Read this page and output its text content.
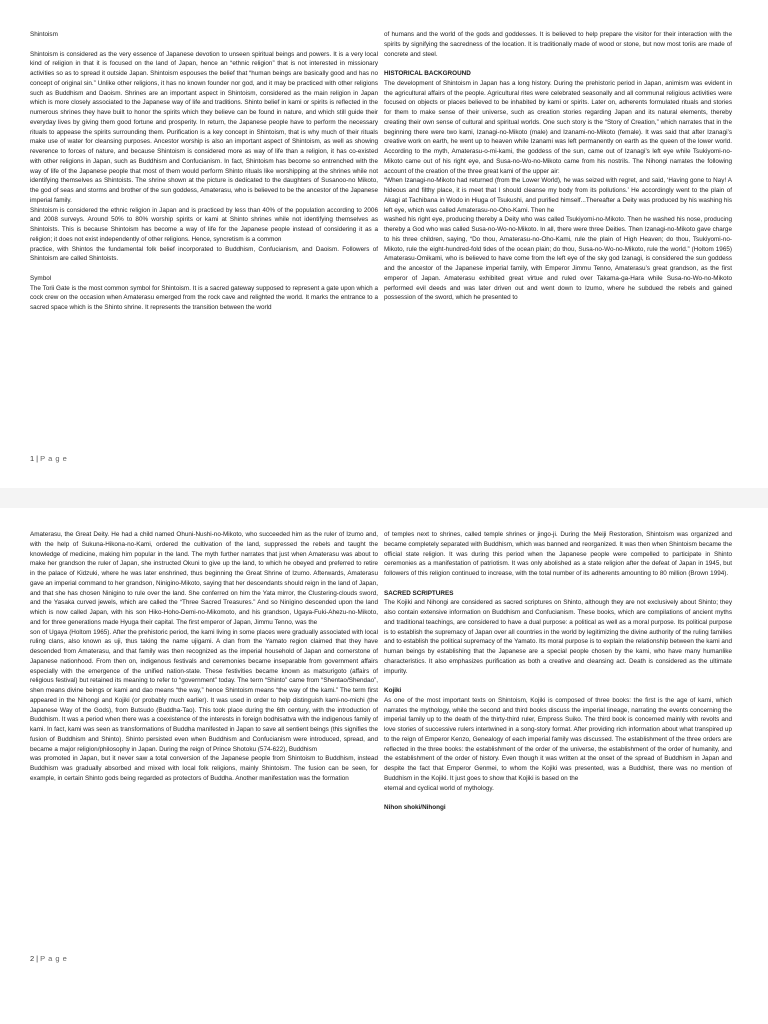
Shintoism

Shintoism is considered as the very essence of Japanese devotion to unseen spiritual beings and powers. It is a very local kind of religion in that it is focused on the land of Japan, hence an “ethnic religion” that is not interested in missionary activities so as to spread it outside Japan. Shintoism espouses the belief that “human beings are basically good and has no concept of original sin.” Unlike other religions, it has no known founder nor god, and it may be practiced with other religions such as Buddhism and Daoism. Shrines are an important aspect in Shintoism, considered as the main religion in Japan which is more closely associated to the Japanese way of life and traditions. Shinto belief in kami or spirits is reflected in the numerous shrines they have built to honor the spirits which they believe can be found in nature, and which still guide their everyday lives by giving them good fortune and prosperity. In return, the Japanese people have to perform the necessary rituals to appease the spirits surrounding them. Purification is a key concept in Shintoism, that is why much of their rituals make use of water for cleansing purposes. Ancestor worship is also an important aspect of Shintoism, as well as showing reverence to forces of nature, and because Shintoism is considered more as way of life than a religion, it has co-existed with other religions in Japan, such as Buddhism and Confucianism. In fact, Shintoism has become so entrenched with the way of life of the Japanese people that most of them would perform Shinto rituals like worshipping at the shrines while not identifying themselves as Shintoists. The shrine shown at the picture is dedicated to the daughters of Susanoo-no Mikoto, the god of seas and storms and brother of the sun goddess, Amaterasu, who is believed to be the ancestor of the Japanese imperial family.

Shintoism is considered the ethnic religion in Japan and is practiced by less than 40% of the population according to 2006 and 2008 surveys. Around 50% to 80% worship spirits or kami at Shinto shrines while not identifying themselves as Shintoists. This is because Shintoism has become a way of life for the Japanese people instead of considering it as a religion; it does not exist independently of other religions. Hence, syncretism is a common

practice, with Shintos the fundamental folk belief incorporated to Buddhism, Confucianism, and Daoism. Followers of Shintoism are called Shintoists.

Symbol

The Torii Gate is the most common symbol for Shintoism. It is a sacred gateway supposed to represent a gate upon which a cock crew on the occasion when Amaterasu emerged from the rock cave and relighted the world. It marks the entrance to a sacred space which is the Shinto shrine. It represents the transition between the world

of humans and the world of the gods and goddesses. It is believed to help prepare the visitor for their interaction with the spirits by signifying the sacredness of the location. It is traditionally made of wood or stone, but now most toriis are made of concrete and steel.

HISTORICAL BACKGROUND

The development of Shintoism in Japan has a long history. During the prehistoric period in Japan, animism was evident in the agricultural affairs of the people. Agricultural rites were celebrated seasonally and all communal religious activities were focused on objects or places believed to be inhabited by kami or spirits. Later on, adherents formulated rituals and stories for them to make sense of their universe, such as creation stories regarding Japan and its natural elements, thereby creating their own sense of cultural and spiritual worlds. One such story is the “Story of Creation,” which narrates that in the beginning there were two kami, Izanagi-no-Mikoto (male) and Izanami-no-Mikoto (female). It was said that after Izanagi’s creative work on earth, he went up to heaven while Izanami was left permanently on earth as the queen of the lower world. According to the myth, Amaterasu-o-mi-kami, the goddess of the sun, came out of Izanagi’s left eye while Tsukiyomi-no-Mikoto came out of his right eye, and Susa-no-Wo-no-Mikoto came from his nostrils. The Nihongi narrates the following account of the creation of the three great kami of the upper air:

“When Izanagi-no-Mikoto had returned (from the Lower World), he was seized with regret, and said, ‘Having gone to Nay! A hideous and filthy place, it is meet that I should cleanse my body from its pollutions.’ He accordingly went to the plain of Akagi at Tachibana in Wodo in Hiuga of Tsukushi, and purified himself...Thereafter a Deity was produced by his washing his left eye, which was called Amaterasu-no-Oho-Kami. Then he

washed his right eye, producing thereby a Deity who was called Tsukiyomi-no-Mikoto. Then he washed his nose, producing thereby a God who was called Susa-no-Wo-no-Mikoto. In all, there were three Deities. Then Izanagi-no-Mikoto gave charge to his three children, saying, “Do thou, Amaterasu-no-Oho-Kami, rule the plain of High Heaven; do thou, Tsukiyomi-no-Mikoto, rule the eight-hundred-fold tides of the ocean plain; do thou, Susa-no-Wo-no-Mikoto, rule the world.” (Holtom 1965) Amaterasu-Omikami, who is believed to have come from the left eye of the sky god Izanagi, is considered the sun goddess and the ancestor of the Japanese imperial family, with Emperor Jimmu Tenno, Amaterasu’s great grandson, as the first emperor of Japan. Amaterasu exhibited great virtue and ruled over Takama-ga-Hara while Susa-no-Wo-no-Mikoto performed evil deeds and was later driven out and went down to Izumo, where he subdued the rebels and gained possession of the sword, which he presented to

1 | P a g e

Amaterasu, the Great Deity. He had a child named Ohuni-Nushi-no-Mikoto, who succeeded him as the ruler of Izumo and, with the help of Sukuna-Hikona-no-Kami, ordered the cultivation of the land, suppressed the rebels and taught the knowledge of medicine, making him popular in the land. The myth further narrates that just when Amaterasu was about to make her grandson the ruler of Japan, she instructed Okuni to give up the land, to which he obeyed and preferred to retire in the palace of Kidzuki, where he was later enshrined, thus beginning the Great Shrine of Izumo. Afterwards, Amaterasu gave an imperial command to her grandson, Ninigino-Mikoto, saying that her descendants should reign in the land of Japan, and that she has chosen Ninigino to rule over the land. She conferred on him the Yata mirror, the Clustering-clouds sword, and the Yasaka curved jewels, which are called the “Three Sacred Treasures.” And so Ninigino descended upon the land which is now called Japan, with his son Hiko-Hoho-Demi-no-Mikomoto, and his grandson, Ugaya-Fuki-Ahezu-no-Mikoto, and for three generations made Hyuga their capital. The first emperor of Japan, Jimmu Tenno, was the

son of Ugaya (Holtom 1965). After the prehistoric period, the kami living in some places were gradually associated with local ruling clans, also known as uji, thus taking the name ujigami. A clan from the Yamato region claimed that they have descended from Amaterasu, and that family was then recognized as the imperial household of Japan and cornerstone of Japanese nationhood. From then on, indigenous festivals and ceremonies became inseparable from government affairs especially with the emergence of the unified nation-state. These festivities became known as matsurigoto (affairs of religious festival) but retained its meaning to refer to “government” today. The term “Shinto” came from “Shentao/Shendao”, shen means divine beings or kami and dao means “the way,” hence Shintoism means “the way of the kami.” The term first appeared in the Nihongi and Kojiki (or probably much earlier). It was used in order to help distinguish kami-no-michi (the Japanese Way of the Gods), from Butsudo (Buddha-Tao). This took place during the 6th century, with the introduction of Buddhism. It was a period when there was a coexistence of the interests in foreign bodhisattva with the indigenous family of kami. In fact, kami was seen as transformations of Buddha manifested in Japan to save all sentient beings (this signifies the fusion of Buddhism and Shinto). Shinto persisted even when Buddhism and Confucianism were introduced, spread, and became a major religion/philosophy in Japan. During the reign of Prince Shotoku (574-622), Buddhism

was promoted in Japan, but it never saw a total conversion of the Japanese people from Shintoism to Buddhism, instead Buddhism was gradually absorbed and mixed with local folk religions, mainly Shintoism. The fusion can be seen, for example, in certain Shinto gods being regarded as protectors of Buddha. Another manifestation was the formation

of temples next to shrines, called temple shrines or jingo-ji. During the Meiji Restoration, Shintoism was organized and became completely separated with Buddhism, which was banned and reorganized. It was then when Shintoism became the official state religion. It was during this period when the Japanese people were compelled to participate in Shinto ceremonies as a manifestation of patriotism. It was only abolished as a state religion after the defeat of Japan in 1945, but followers of this religion continued to increase, with the total number of its adherents amounting to 80 million (Brown 1994).

SACRED SCRIPTURES

The Kojiki and Nihongi are considered as sacred scriptures on Shinto, although they are not exclusively about Shinto; they also contain extensive information on Buddhism and Confucianism. These books, which are compilations of ancient myths and traditional teachings, are considered to have a dual purpose: a political as well as a moral purpose. Its political purpose is to establish the supremacy of Japan over all countries in the world by legitimizing the divine authority of the ruling families and to establish the political supremacy of the Yamato. Its moral purpose is to explain the relationship between the kami and human beings by establishing that the Japanese are a special people chosen by the kami, who have many humanlike characteristics. It also emphasizes purification as both a creative and cleansing act. Death is considered as the ultimate impurity.

Kojiki

As one of the most important texts on Shintoism, Kojiki is composed of three books: the first is the age of kami, which narrates the mythology, while the second and third books discuss the imperial lineage, narrating the events concerning the imperial family up to the death of the thirty-third ruler, Empress Suiko. The third book is concerned mainly with revolts and love stories of successive rulers intertwined in a song-story format. After providing rich information about what transpired up to the reign of Emperor Kenzo, Genealogy of each imperial family was discussed. The establishment of the three orders are reflected in the three books: the establishment of the order of the universe, the establishment of the order of humanity, and the establishment of the order of history. Even though it was written at the onset of the spread of Buddhism in Japan and despite the fact that Emperor Genmei, to whom the Kojiki was presented, was a Buddhist, there was no mention of Buddhism in the Kojiki. It just goes to show that Kojiki is based on the

eternal and cyclical world of mythology.

Nihon shoki/Nihongi

2 | P a g e
